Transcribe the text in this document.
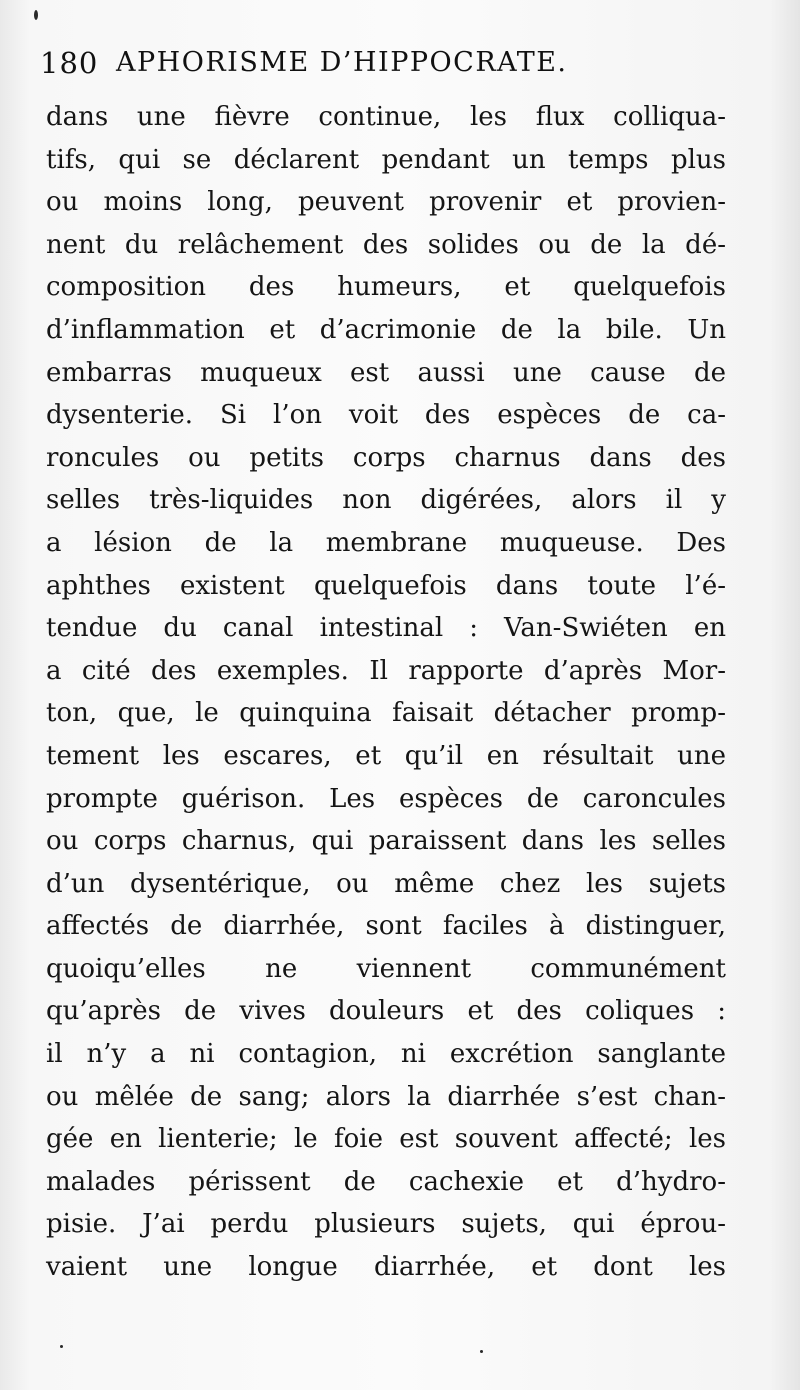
180 APHORISME D’HIPPOCRATE.
dans une fièvre continue, les flux colliqua-
tifs, qui se déclarent pendant un temps plus
ou moins long, peuvent provenir et provien-
nent du relâchement des solides ou de la dé-
composition des humeurs, et quelquefois
d’inflammation et d’acrimonie de la bile. Un
embarras muqueux est aussi une cause de
dysenterie. Si l’on voit des espèces de ca-
roncules ou petits corps charnus dans des
selles très-liquides non digérées, alors il y
a lésion de la membrane muqueuse. Des
aphthes existent quelquefois dans toute l’é-
tendue du canal intestinal : Van-Swiéten en
a cité des exemples. Il rapporte d’après Mor-
ton, que, le quinquina faisait détacher promp-
tement les escares, et qu’il en résultait une
prompte guérison. Les espèces de caroncules
ou corps charnus, qui paraissent dans les selles
d’un dysentérique, ou même chez les sujets
affectés de diarrhée, sont faciles à distinguer,
quoiqu’elles ne viennent communément
qu’après de vives douleurs et des coliques :
il n’y a ni contagion, ni excrétion sanglante
ou mêlée de sang; alors la diarrhée s’est chan-
gée en lienterie; le foie est souvent affecté; les
malades périssent de cachexie et d’hydro-
pisie. J’ai perdu plusieurs sujets, qui éprou-
vaient une longue diarrhée, et dont les
